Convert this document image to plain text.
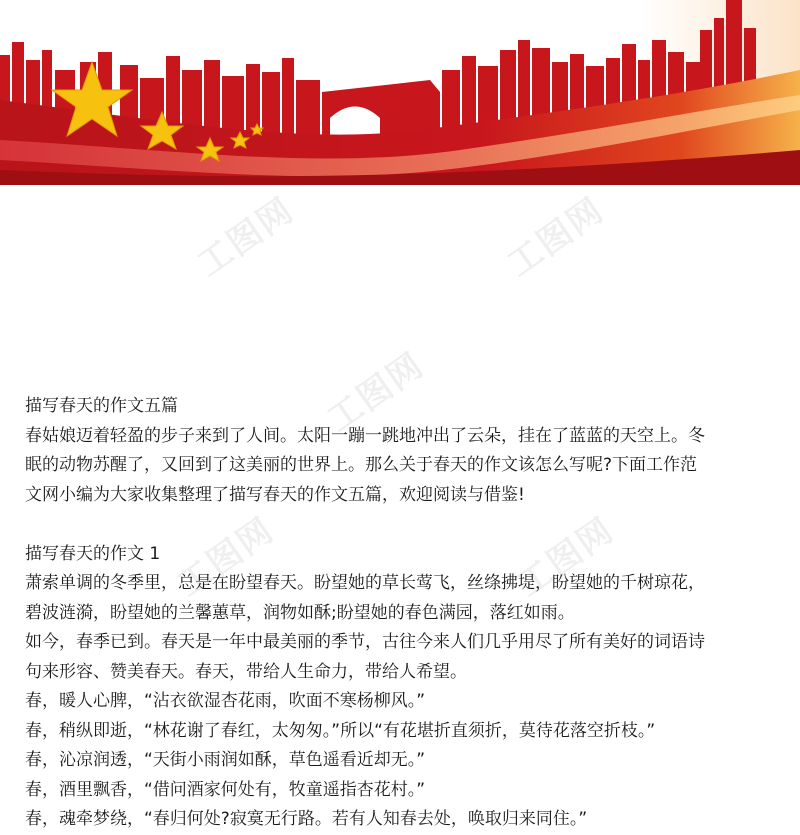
工图网	工图网
工图网
工图网	工图网

描写春天的作文五篇

春姑娘迈着轻盈的步子来到了人间。太阳一蹦一跳地冲出了云朵，挂在了蓝蓝的天空上。冬

眠的动物苏醒了，又回到了这美丽的世界上。那么关于春天的作文该怎么写呢?下面工作范

文网小编为大家收集整理了描写春天的作文五篇，欢迎阅读与借鉴!

描写春天的作文 1

萧索单调的冬季里，总是在盼望春天。盼望她的草长莺飞，丝绦拂堤，盼望她的千树琼花，

碧波涟漪，盼望她的兰馨蕙草，润物如酥;盼望她的春色满园，落红如雨。

如今，春季已到。春天是一年中最美丽的季节，古往今来人们几乎用尽了所有美好的词语诗

句来形容、赞美春天。春天，带给人生命力，带给人希望。

春，暖人心脾，“沾衣欲湿杏花雨，吹面不寒杨柳风。”

春，稍纵即逝，“林花谢了春红，太匆匆。”所以“有花堪折直须折，莫待花落空折枝。”

春，沁凉润透，“天街小雨润如酥，草色遥看近却无。”

春，酒里飘香，“借问酒家何处有，牧童遥指杏花村。”

春，魂牵梦绕，“春归何处?寂寞无行路。若有人知春去处，唤取归来同住。”
